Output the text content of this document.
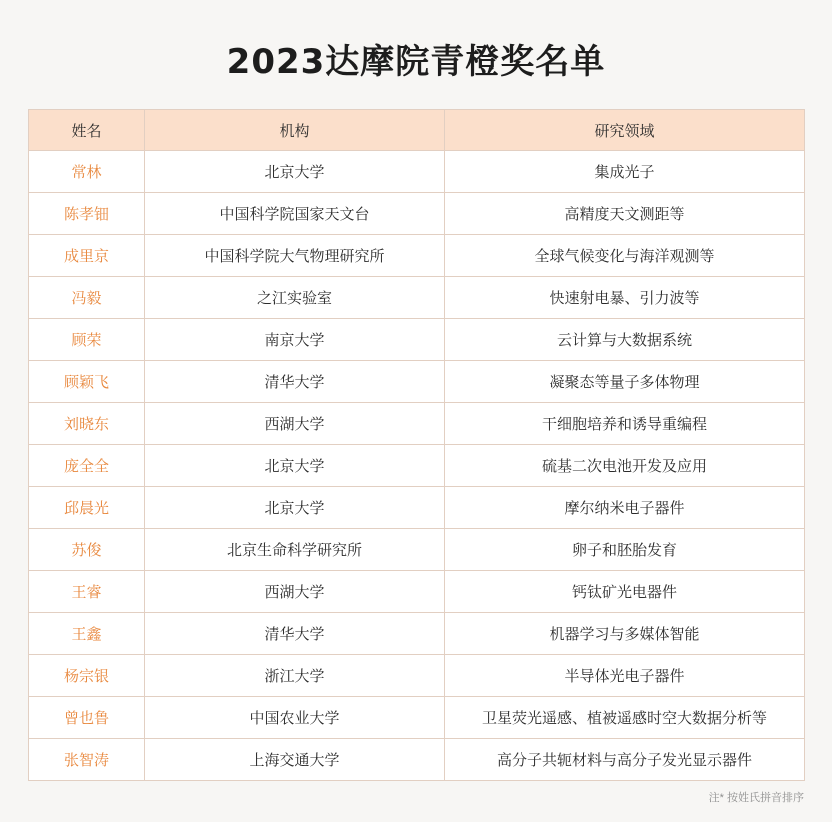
2023达摩院青橙奖名单
姓名	机构	研究领域
常林	北京大学	集成光子
陈孝钿	中国科学院国家天文台	高精度天文测距等
成里京	中国科学院大气物理研究所	全球气候变化与海洋观测等
冯毅	之江实验室	快速射电暴、引力波等
顾荣	南京大学	云计算与大数据系统
顾颖飞	清华大学	凝聚态等量子多体物理
刘晓东	西湖大学	干细胞培养和诱导重编程
庞全全	北京大学	硫基二次电池开发及应用
邱晨光	北京大学	摩尔纳米电子器件
苏俊	北京生命科学研究所	卵子和胚胎发育
王睿	西湖大学	钙钛矿光电器件
王鑫	清华大学	机器学习与多媒体智能
杨宗银	浙江大学	半导体光电子器件
曾也鲁	中国农业大学	卫星荧光遥感、植被遥感时空大数据分析等
张智涛	上海交通大学	高分子共轭材料与高分子发光显示器件
注* 按姓氏拼音排序
